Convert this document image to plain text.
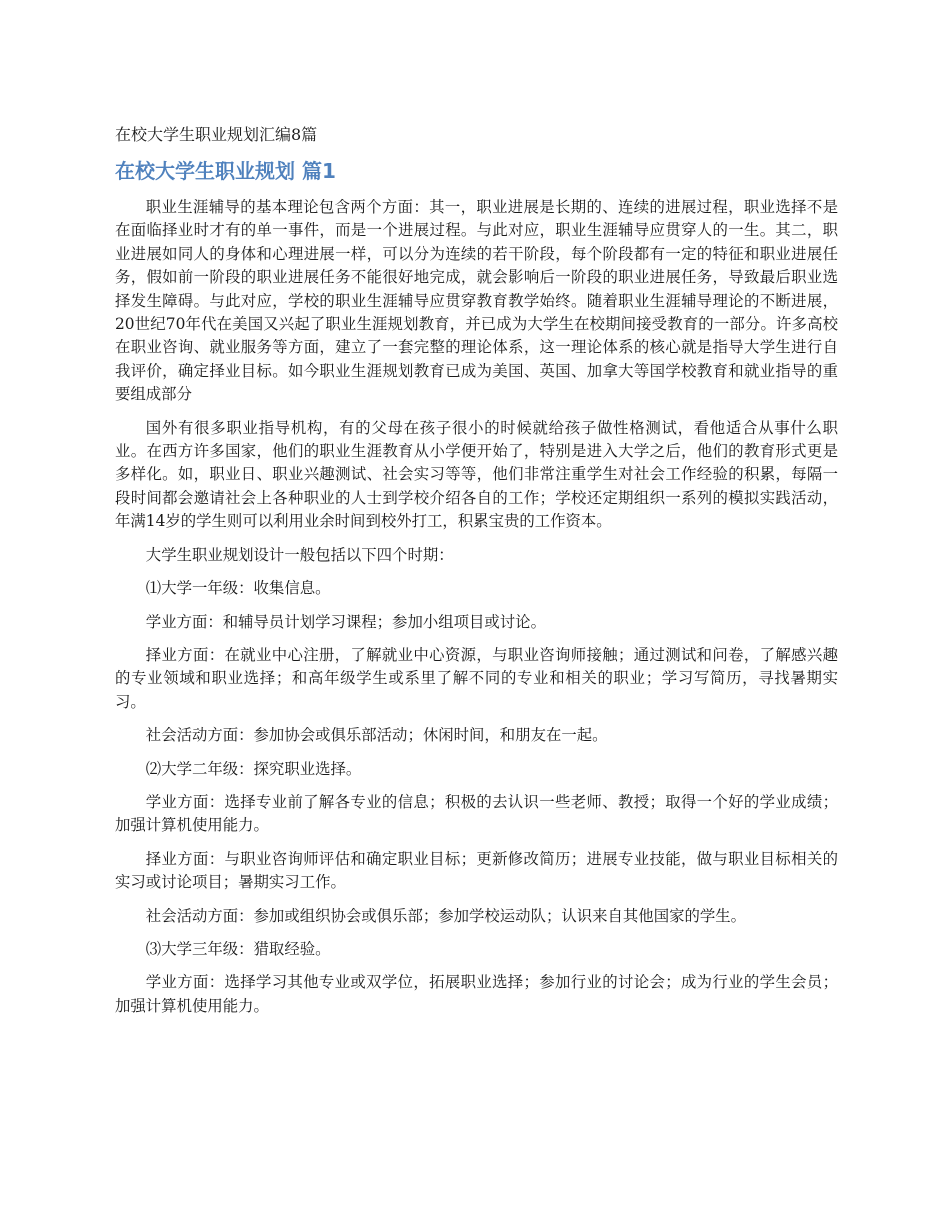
在校大学生职业规划汇编8篇
在校大学生职业规划 篇1

职业生涯辅导的基本理论包含两个方面：其一，职业进展是长期的、连续的进展过程，职业选择不是在面临择业时才有的单一事件，而是一个进展过程。与此对应，职业生涯辅导应贯穿人的一生。其二，职业进展如同人的身体和心理进展一样，可以分为连续的若干阶段，每个阶段都有一定的特征和职业进展任务，假如前一阶段的职业进展任务不能很好地完成，就会影响后一阶段的职业进展任务，导致最后职业选择发生障碍。与此对应，学校的职业生涯辅导应贯穿教育教学始终。随着职业生涯辅导理论的不断进展，20世纪70年代在美国又兴起了职业生涯规划教育，并已成为大学生在校期间接受教育的一部分。许多高校在职业咨询、就业服务等方面，建立了一套完整的理论体系，这一理论体系的核心就是指导大学生进行自我评价，确定择业目标。如今职业生涯规划教育已成为美国、英国、加拿大等国学校教育和就业指导的重要组成部分

国外有很多职业指导机构，有的父母在孩子很小的时候就给孩子做性格测试，看他适合从事什么职业。在西方许多国家，他们的职业生涯教育从小学便开始了，特别是进入大学之后，他们的教育形式更是多样化。如，职业日、职业兴趣测试、社会实习等等，他们非常注重学生对社会工作经验的积累，每隔一段时间都会邀请社会上各种职业的人士到学校介绍各自的工作；学校还定期组织一系列的模拟实践活动，年满14岁的学生则可以利用业余时间到校外打工，积累宝贵的工作资本。

大学生职业规划设计一般包括以下四个时期：

⑴大学一年级：收集信息。

学业方面：和辅导员计划学习课程；参加小组项目或讨论。

择业方面：在就业中心注册，了解就业中心资源，与职业咨询师接触；通过测试和问卷，了解感兴趣的专业领域和职业选择；和高年级学生或系里了解不同的专业和相关的职业；学习写简历，寻找暑期实习。

社会活动方面：参加协会或俱乐部活动；休闲时间，和朋友在一起。

⑵大学二年级：探究职业选择。

学业方面：选择专业前了解各专业的信息；积极的去认识一些老师、教授；取得一个好的学业成绩；加强计算机使用能力。

择业方面：与职业咨询师评估和确定职业目标；更新修改简历；进展专业技能，做与职业目标相关的实习或讨论项目；暑期实习工作。

社会活动方面：参加或组织协会或俱乐部；参加学校运动队；认识来自其他国家的学生。

⑶大学三年级：猎取经验。

学业方面：选择学习其他专业或双学位，拓展职业选择；参加行业的讨论会；成为行业的学生会员；加强计算机使用能力。
